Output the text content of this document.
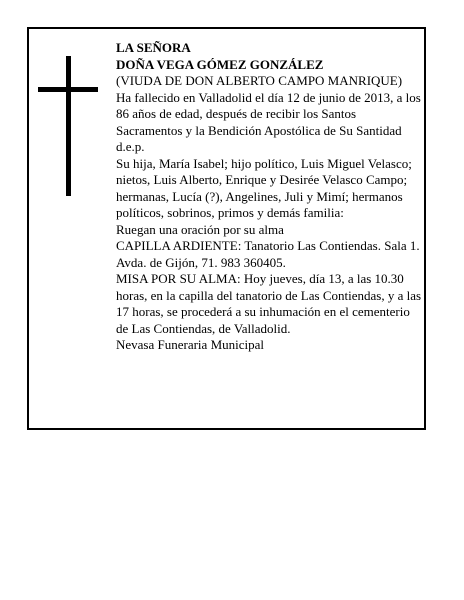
LA SEÑORA

DOÑA VEGA GÓMEZ GONZÁLEZ

(VIUDA DE DON ALBERTO CAMPO MANRIQUE)

Ha fallecido en Valladolid el día 12 de junio de 2013, a los 86 años de edad, después de recibir los Santos Sacramentos y la Bendición Apostólica de Su Santidad

d.e.p.

Su hija, María Isabel; hijo político, Luis Miguel Velasco; nietos, Luis Alberto, Enrique y Desirée Velasco Campo; hermanas, Lucía (?), Angelines, Juli y Mimí; hermanos políticos, sobrinos, primos y demás familia:

Ruegan una oración por su alma

CAPILLA ARDIENTE: Tanatorio Las Contiendas. Sala 1. Avda. de Gijón, 71. 983 360405.

MISA POR SU ALMA: Hoy jueves, día 13, a las 10.30 horas, en la capilla del tanatorio de Las Contiendas, y a las 17 horas, se procederá a su inhumación en el cementerio de Las Contiendas, de Valladolid.

Nevasa Funeraria Municipal
